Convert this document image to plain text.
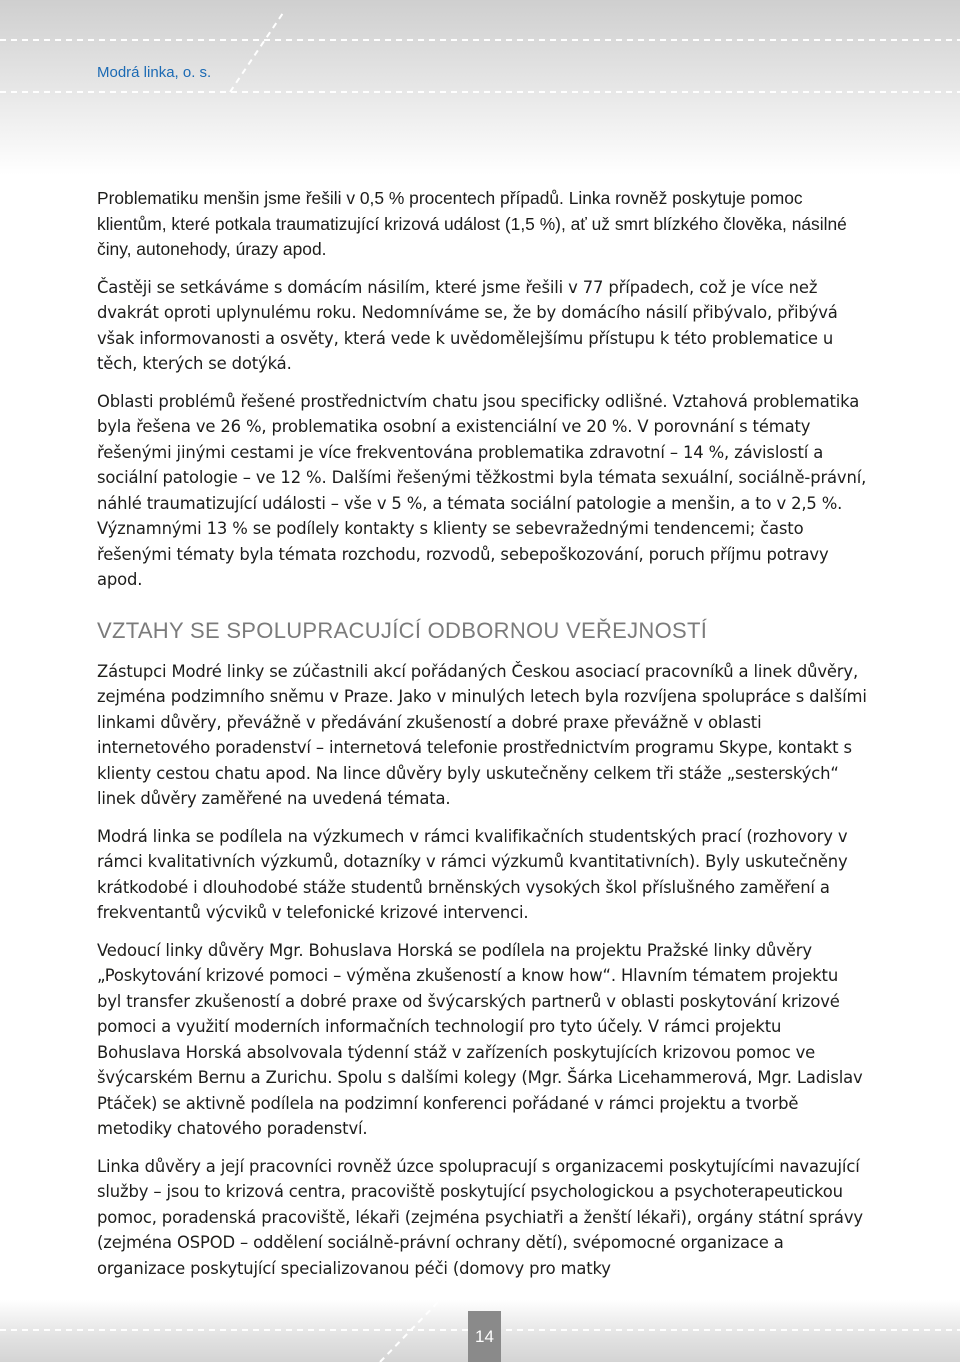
Modrá linka, o. s.

Problematiku menšin jsme řešili v 0,5 % procentech případů. Linka rovněž poskytuje pomoc klientům, které potkala traumatizující krizová událost (1,5 %), ať už smrt blízkého člověka, násilné činy, autonehody, úrazy apod.

Častěji se setkáváme s domácím násilím, které jsme řešili v 77 případech, což je více než dvakrát oproti uplynulému roku. Nedomníváme se, že by domácího násilí přibývalo, přibývá však informovanosti a osvěty, která vede k uvědomělejšímu přístupu k této problematice u těch, kterých se dotýká.

Oblasti problémů řešené prostřednictvím chatu jsou specificky odlišné. Vztahová problematika byla řešena ve 26 %, problematika osobní a existenciální ve 20 %. V porovnání s tématy řešenými jinými cestami je více frekventována problematika zdravotní – 14 %, závislostí a sociální patologie – ve 12 %. Dalšími řešenými těžkostmi byla témata sexuální, sociálně-právní, náhlé traumatizující události – vše v 5 %, a témata sociální patologie a menšin, a to v 2,5 %. Významnými 13 % se podílely kontakty s klienty se sebevražednými tendencemi; často řešenými tématy byla témata rozchodu, rozvodů, sebepoškozování, poruch příjmu potravy apod.

VZTAHY SE SPOLUPRACUJÍCÍ ODBORNOU VEŘEJNOSTÍ

Zástupci Modré linky se zúčastnili akcí pořádaných Českou asociací pracovníků a linek důvěry, zejména podzimního sněmu v Praze. Jako v minulých letech byla rozvíjena spolupráce s dalšími linkami důvěry, převážně v předávání zkušeností a dobré praxe převážně v oblasti internetového poradenství – internetová telefonie prostřednictvím programu Skype, kontakt s klienty cestou chatu apod. Na lince důvěry byly uskutečněny celkem tři stáže „sesterských“ linek důvěry zaměřené na uvedená témata.

Modrá linka se podílela na výzkumech v rámci kvalifikačních studentských prací (rozhovory v rámci kvalitativních výzkumů, dotazníky v rámci výzkumů kvantitativních). Byly uskutečněny krátkodobé i dlouhodobé stáže studentů brněnských vysokých škol příslušného zaměření a frekventantů výcviků v telefonické krizové intervenci.

Vedoucí linky důvěry Mgr. Bohuslava Horská se podílela na projektu Pražské linky důvěry „Poskytování krizové pomoci – výměna zkušeností a know how“. Hlavním tématem projektu byl transfer zkušeností a dobré praxe od švýcarských partnerů v oblasti poskytování krizové pomoci a využití moderních informačních technologií pro tyto účely. V rámci projektu Bohuslava Horská absolvovala týdenní stáž v zařízeních poskytujících krizovou pomoc ve švýcarském Bernu a Zurichu. Spolu s dalšími kolegy (Mgr. Šárka Licehammerová, Mgr. Ladislav Ptáček) se aktivně podílela na podzimní konferenci pořádané v rámci projektu a tvorbě metodiky chatového poradenství.

Linka důvěry a její pracovníci rovněž úzce spolupracují s organizacemi poskytujícími navazující služby – jsou to krizová centra, pracoviště poskytující psychologickou a psychoterapeutickou pomoc, poradenská pracoviště, lékaři (zejména psychiatři a ženští lékaři), orgány státní správy (zejména OSPOD – oddělení sociálně-právní ochrany dětí), svépomocné organizace a organizace poskytující specializovanou péči (domovy pro matky

14
